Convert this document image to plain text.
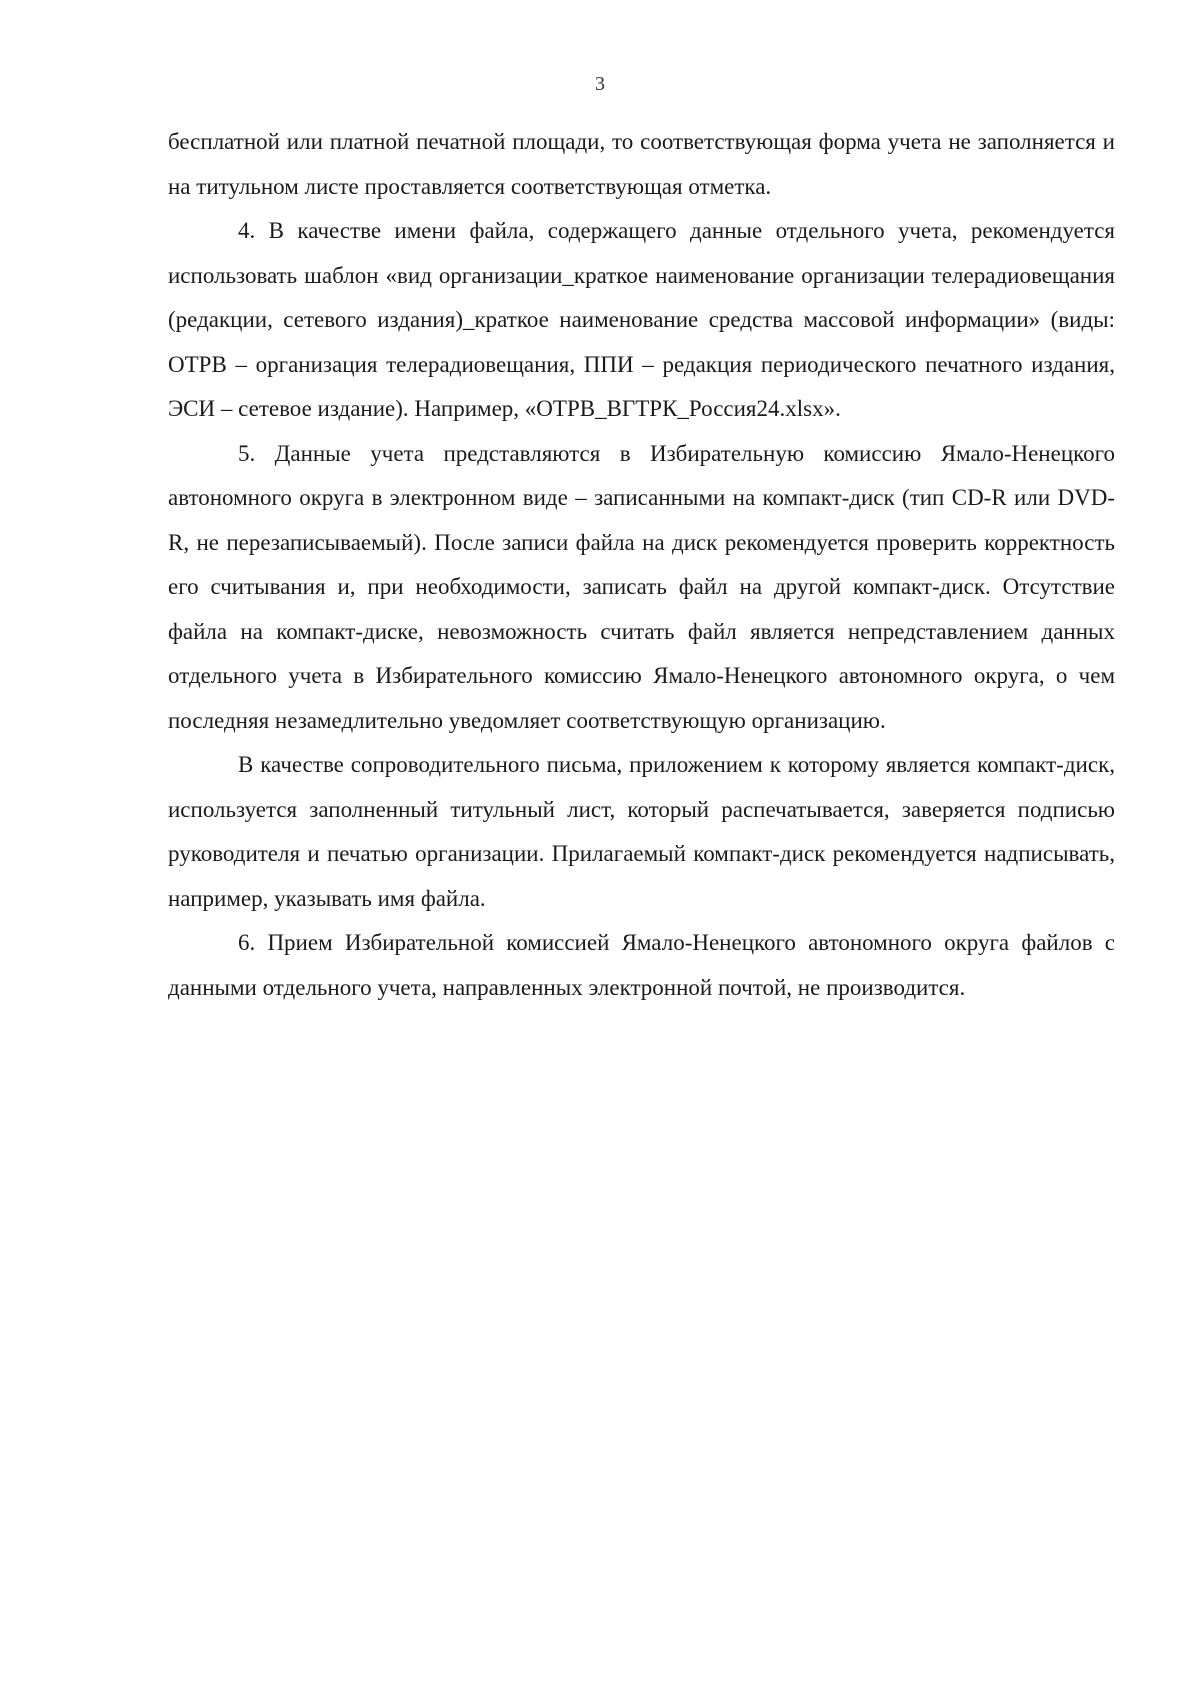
3

бесплатной или платной печатной площади, то соответствующая форма учета не заполняется и на титульном листе проставляется соответствующая отметка.

4. В качестве имени файла, содержащего данные отдельного учета, рекомендуется использовать шаблон «вид организации_краткое наименование организации телерадиовещания (редакции, сетевого издания)_краткое наименование средства массовой информации» (виды: ОТРВ – организация телерадиовещания, ППИ – редакция периодического печатного издания, ЭСИ – сетевое издание). Например, «ОТРВ_ВГТРК_Россия24.xlsx».

5. Данные учета представляются в Избирательную комиссию Ямало-Ненецкого автономного округа в электронном виде – записанными на компакт-диск (тип CD-R или DVD-R, не перезаписываемый). После записи файла на диск рекомендуется проверить корректность его считывания и, при необходимости, записать файл на другой компакт-диск. Отсутствие файла на компакт-диске, невозможность считать файл является непредставлением данных отдельного учета в Избирательного комиссию Ямало-Ненецкого автономного округа, о чем последняя незамедлительно уведомляет соответствующую организацию.

В качестве сопроводительного письма, приложением к которому является компакт-диск, используется заполненный титульный лист, который распечатывается, заверяется подписью руководителя и печатью организации. Прилагаемый компакт-диск рекомендуется надписывать, например, указывать имя файла.

6. Прием Избирательной комиссией Ямало-Ненецкого автономного округа файлов с данными отдельного учета, направленных электронной почтой, не производится.
